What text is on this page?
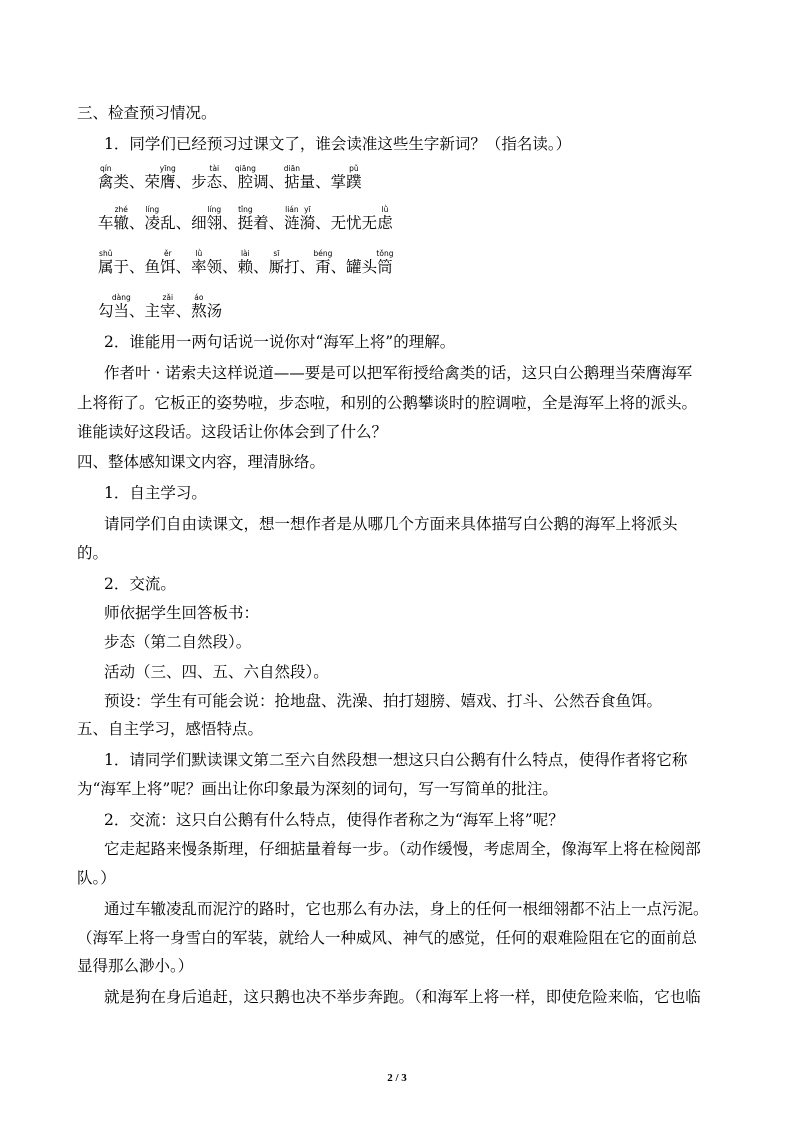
三、检查预习情况。
1．同学们已经预习过课文了，谁会读准这些生字新词？（指名读。）
禽qín类、荣膺yīng、步态tài、腔qiāng调、掂diān量、掌蹼pǔ
车辙zhé、凌líng乱、细翎líng、挺tǐng着、涟lián漪yī、无忧无虑lǜ
属shǔ于、鱼饵ěr、率lǜ领、赖lài、厮sī打、甭béng、罐头筒tǒng
勾当dàng、主宰zǎi、熬áo汤
2．谁能用一两句话说一说你对“海军上将”的理解。
作者叶 · 诺索夫这样说道——要是可以把军衔授给禽类的话，这只白公鹅理当荣膺海军
上将衔了。它板正的姿势啦，步态啦，和别的公鹅攀谈时的腔调啦，全是海军上将的派头。
谁能读好这段话。这段话让你体会到了什么？
四、整体感知课文内容，理清脉络。
1．自主学习。
请同学们自由读课文，想一想作者是从哪几个方面来具体描写白公鹅的海军上将派头
的。
2．交流。
师依据学生回答板书：
步态（第二自然段）。
活动（三、四、五、六自然段）。
预设：学生有可能会说：抢地盘、洗澡、拍打翅膀、嬉戏、打斗、公然吞食鱼饵。
五、自主学习，感悟特点。
1．请同学们默读课文第二至六自然段想一想这只白公鹅有什么特点，使得作者将它称
为“海军上将”呢？画出让你印象最为深刻的词句，写一写简单的批注。
2．交流：这只白公鹅有什么特点，使得作者称之为“海军上将”呢？
它走起路来慢条斯理，仔细掂量着每一步。（动作缓慢，考虑周全，像海军上将在检阅部
队。）
通过车辙凌乱而泥泞的路时，它也那么有办法，身上的任何一根细翎都不沾上一点污泥。
（海军上将一身雪白的军装，就给人一种威风、神气的感觉，任何的艰难险阻在它的面前总
显得那么渺小。）
就是狗在身后追赶，这只鹅也决不举步奔跑。（和海军上将一样，即使危险来临，它也临
2 / 3
